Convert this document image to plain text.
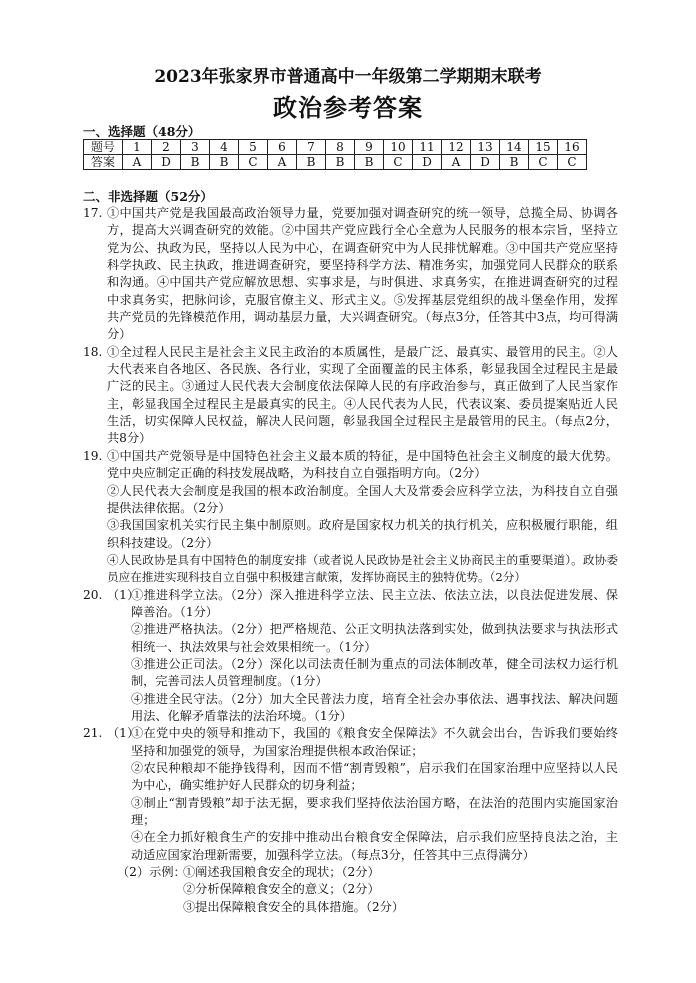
2023年张家界市普通高中一年级第二学期期末联考
政治参考答案
一、选择题（48分）
题号	1	2	3	4	5	6	7	8	9	10	11	12	13	14	15	16
答案	A	D	B	B	C	A	B	B	B	C	D	A	D	B	C	C
二、非选择题（52分）
17. ①中国共产党是我国最高政治领导力量，党要加强对调查研究的统一领导，总揽全局、协调各方，提高大兴调查研究的效能。②中国共产党应践行全心全意为人民服务的根本宗旨，坚持立党为公、执政为民，坚持以人民为中心，在调查研究中为人民排忧解难。③中国共产党应坚持科学执政、民主执政，推进调查研究，要坚持科学方法、精准务实，加强党同人民群众的联系和沟通。④中国共产党应解放思想、实事求是，与时俱进、求真务实，在推进调查研究的过程中求真务实，把脉问诊，克服官僚主义、形式主义。⑤发挥基层党组织的战斗堡垒作用，发挥共产党员的先锋模范作用，调动基层力量，大兴调查研究。（每点3分，任答其中3点，均可得满分）
18. ①全过程人民民主是社会主义民主政治的本质属性，是最广泛、最真实、最管用的民主。②人大代表来自各地区、各民族、各行业，实现了全面覆盖的民主体系，彰显我国全过程民主是最广泛的民主。③通过人民代表大会制度依法保障人民的有序政治参与，真正做到了人民当家作主，彰显我国全过程民主是最真实的民主。④人民代表为人民，代表议案、委员提案贴近人民生活，切实保障人民权益，解决人民问题，彰显我国全过程民主是最管用的民主。（每点2分，共8分）
19. ①中国共产党领导是中国特色社会主义最本质的特征，是中国特色社会主义制度的最大优势。党中央应制定正确的科技发展战略，为科技自立自强指明方向。（2分）
②人民代表大会制度是我国的根本政治制度。全国人大及常委会应科学立法，为科技自立自强提供法律依据。（2分）
③我国国家机关实行民主集中制原则。政府是国家权力机关的执行机关，应积极履行职能，组织科技建设。（2分）
④人民政协是具有中国特色的制度安排（或者说人民政协是社会主义协商民主的重要渠道）。政协委员应在推进实现科技自立自强中积极建言献策，发挥协商民主的独特优势。（2分）
20. （1）
①推进科学立法。（2分）深入推进科学立法、民主立法、依法立法，以良法促进发展、保障善治。（1分）
②推进严格执法。（2分）把严格规范、公正文明执法落到实处，做到执法要求与执法形式相统一、执法效果与社会效果相统一。（1分）
③推进公正司法。（2分）深化以司法责任制为重点的司法体制改革，健全司法权力运行机制，完善司法人员管理制度。（1分）
④推进全民守法。（2分）加大全民普法力度，培育全社会办事依法、遇事找法、解决问题用法、化解矛盾靠法的法治环境。（1分）
21. （1）
①在党中央的领导和推动下，我国的《粮食安全保障法》不久就会出台，告诉我们要始终坚持和加强党的领导，为国家治理提供根本政治保证；
②农民种粮却不能挣钱得利，因而不惜“割青毁粮”，启示我们在国家治理中应坚持以人民为中心，确实维护好人民群众的切身利益；
③制止“割青毁粮”却于法无据，要求我们坚持依法治国方略，在法治的范围内实施国家治理；
④在全力抓好粮食生产的安排中推动出台粮食安全保障法，启示我们应坚持良法之治，主动适应国家治理新需要，加强科学立法。（每点3分，任答其中三点得满分）
（2）示例：
①阐述我国粮食安全的现状；（2分）
②分析保障粮食安全的意义；（2分）
③提出保障粮食安全的具体措施。（2分）
